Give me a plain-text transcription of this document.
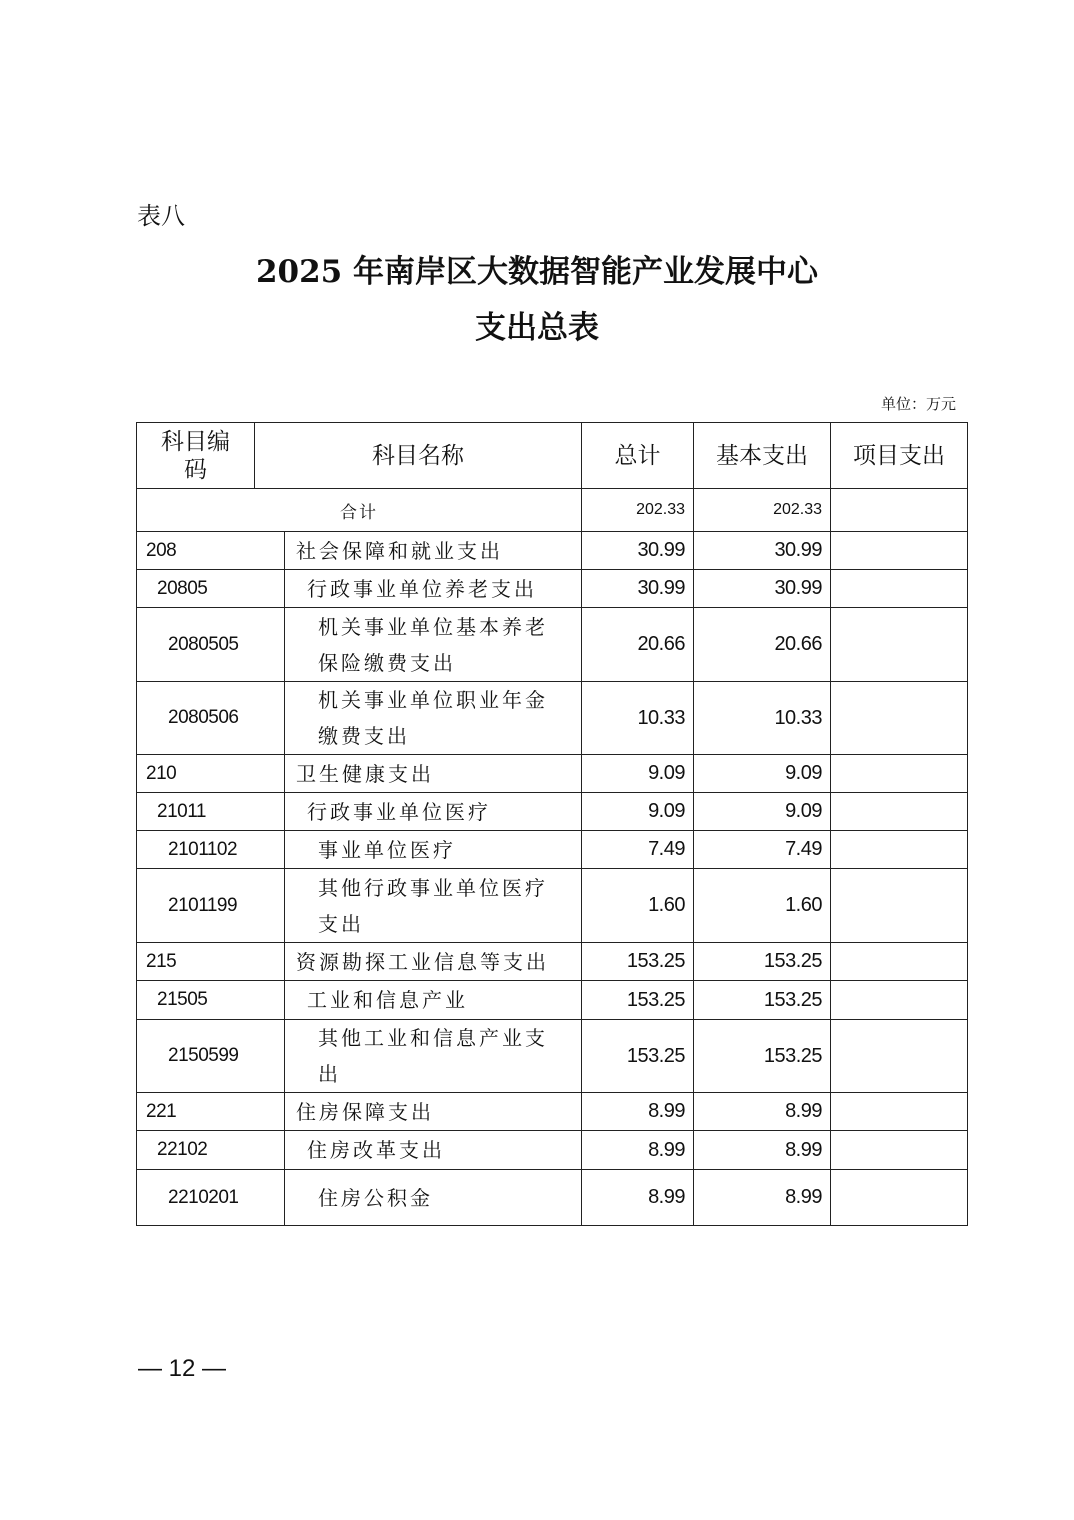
表八
2025 年南岸区大数据智能产业发展中心
支出总表
单位：万元
科目编码	科目名称		总计	基本支出	项目支出
合计			202.33	202.33	
208		社会保障和就业支出	30.99	30.99	
20805		行政事业单位养老支出	30.99	30.99	
2080505		机关事业单位基本养老保险缴费支出	20.66	20.66	
2080506		机关事业单位职业年金缴费支出	10.33	10.33	
210		卫生健康支出	9.09	9.09	
21011		行政事业单位医疗	9.09	9.09	
2101102		事业单位医疗	7.49	7.49	
2101199		其他行政事业单位医疗支出	1.60	1.60	
215		资源勘探工业信息等支出	153.25	153.25	
21505		工业和信息产业	153.25	153.25	
2150599		其他工业和信息产业支出	153.25	153.25	
221		住房保障支出	8.99	8.99	
22102		住房改革支出	8.99	8.99	
2210201		住房公积金	8.99	8.99	
— 12 —
